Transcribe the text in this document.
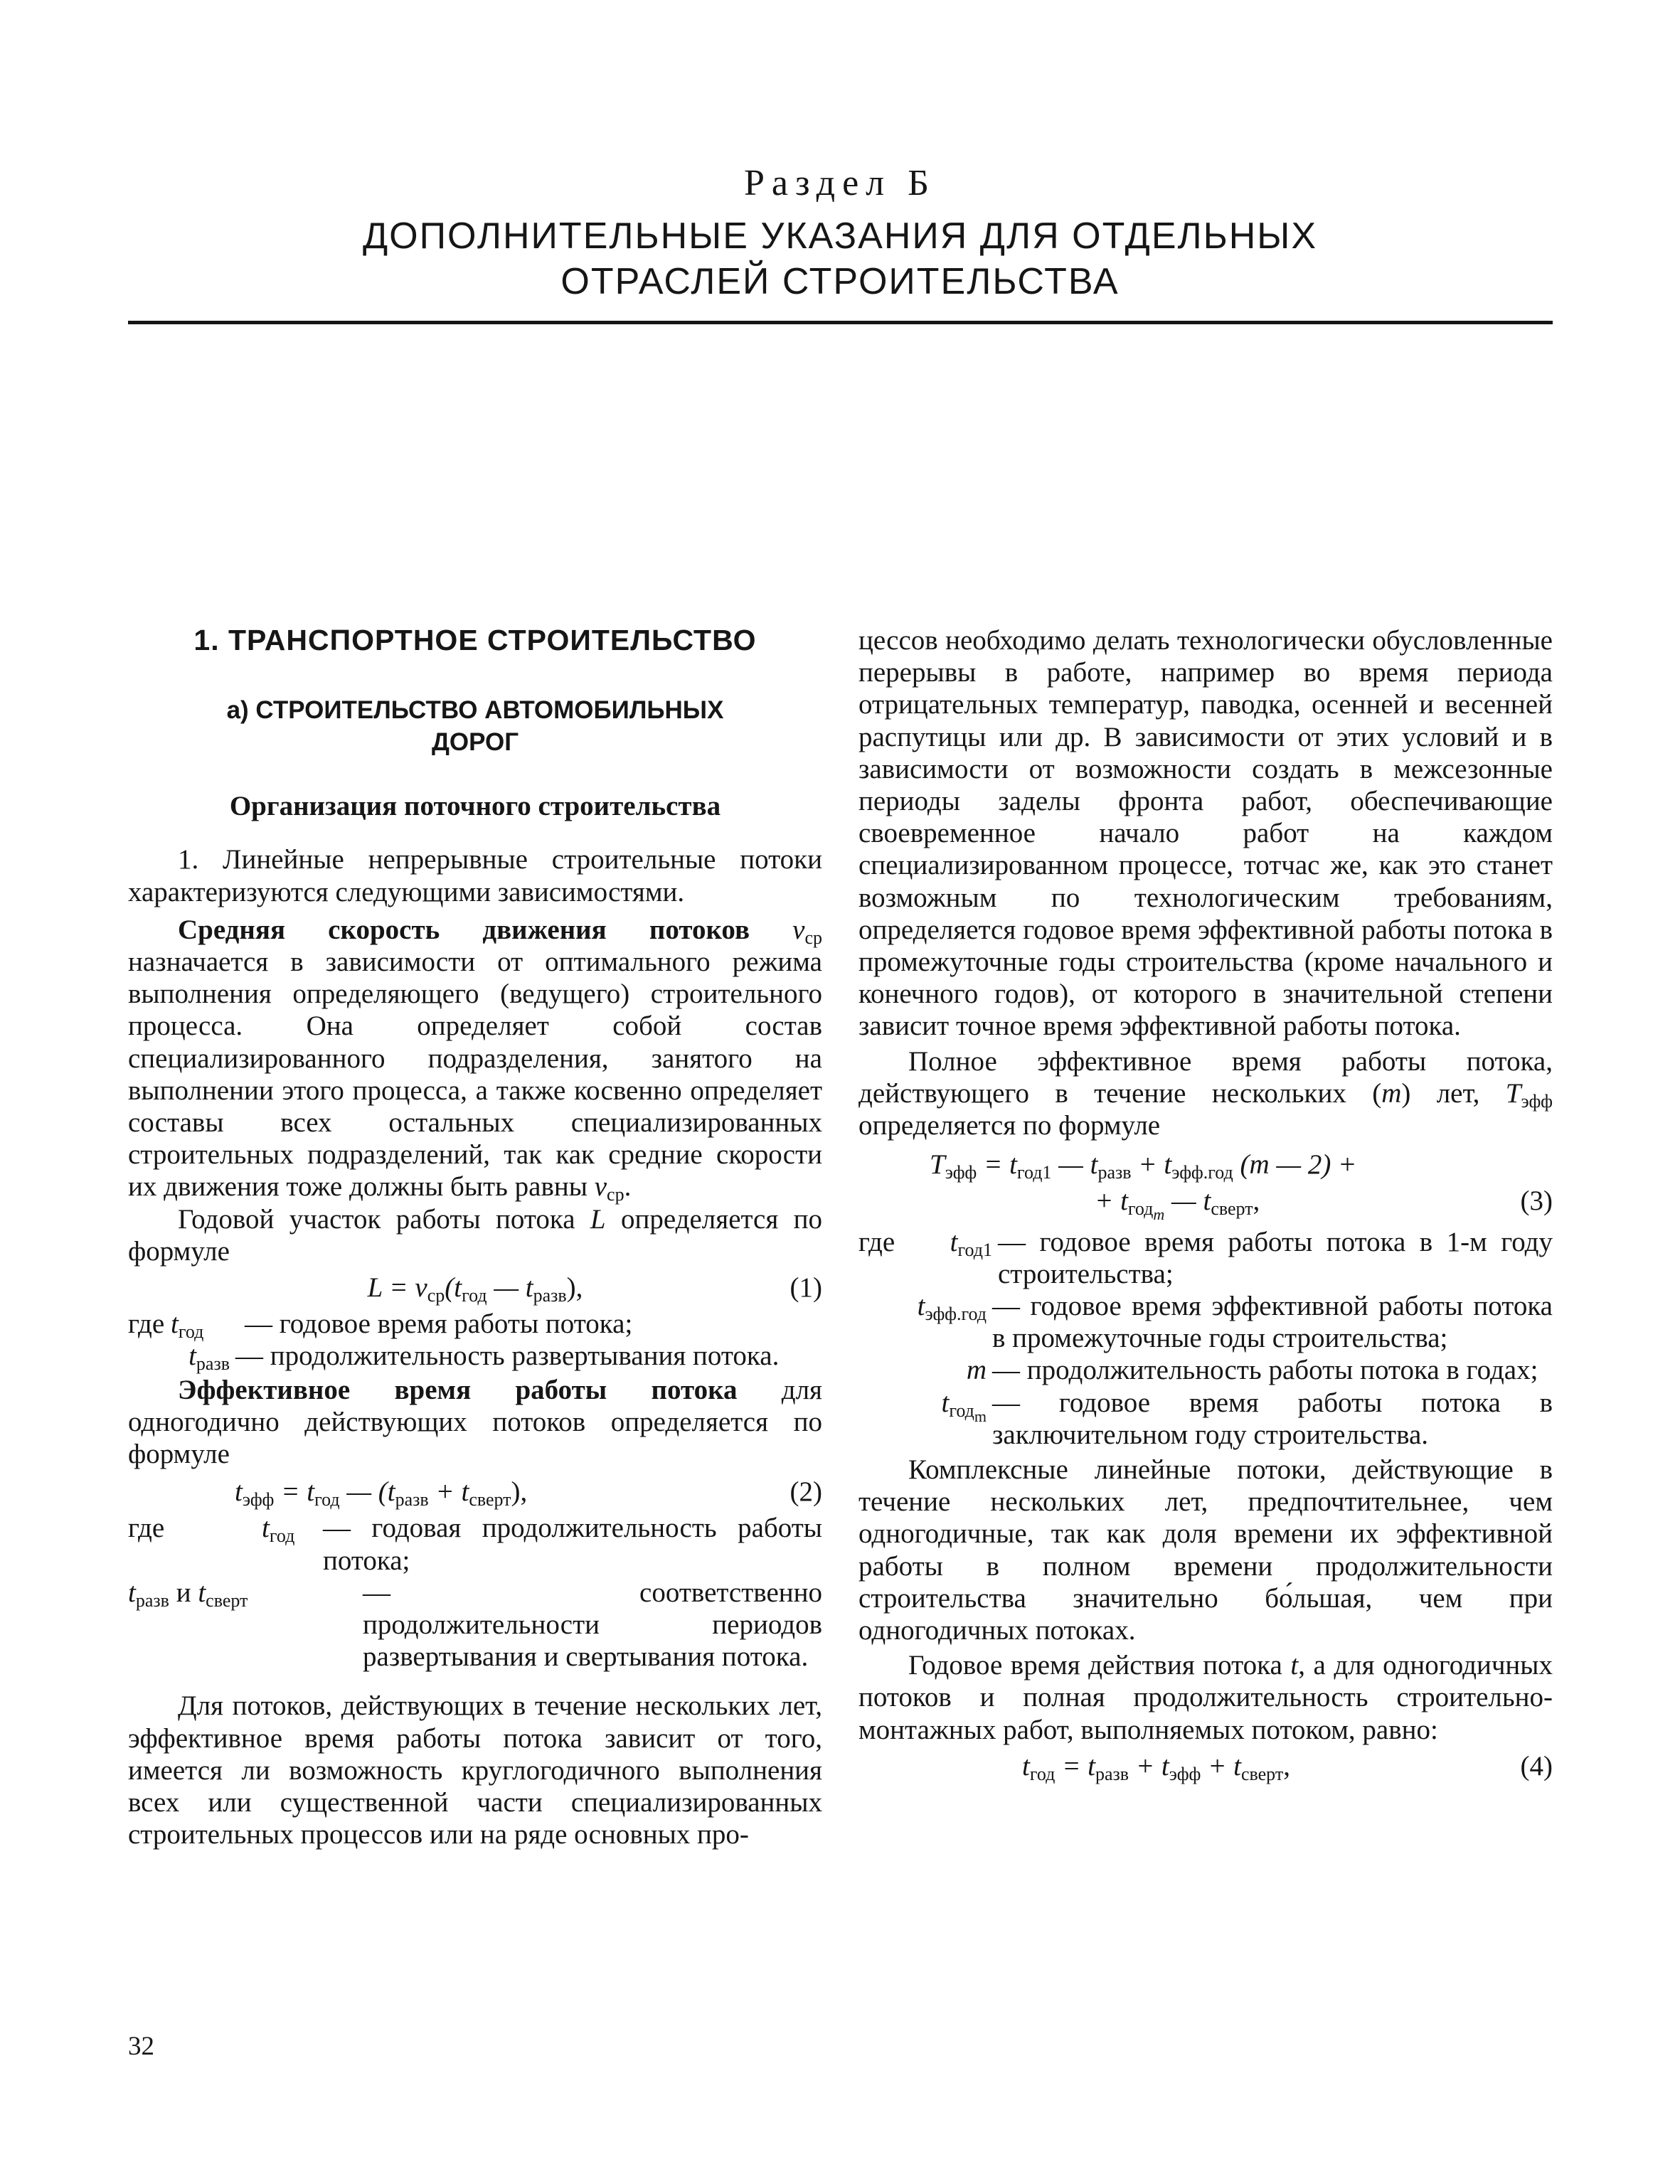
Раздел Б
ДОПОЛНИТЕЛЬНЫЕ УКАЗАНИЯ ДЛЯ ОТДЕЛЬНЫХ
ОТРАСЛЕЙ СТРОИТЕЛЬСТВА

1. ТРАНСПОРТНОЕ СТРОИТЕЛЬСТВО

а) СТРОИТЕЛЬСТВО АВТОМОБИЛЬНЫХ
ДОРОГ

Организация поточного строительства

1. Линейные непрерывные строительные потоки характеризуются следующими зависимостями.

Средняя скорость движения потоков $v_{ср}$ назначается в зависимости от оптимального режима выполнения определяющего (ведущего) строительного процесса. Она определяет собой состав специализированного подразделения, занятого на выполнении этого процесса, а также косвенно определяет составы всех остальных специализированных строительных подразделений, так как средние скорости их движения тоже должны быть равны $v_{ср}$.

Годовой участок работы потока L определяется по формуле

$L = v_{ср}(t_{год}$ — $t_{разв}$),	(1)
где $t_{год}$	— годовое время работы потока;
$t_{разв}$ — продолжительность развертывания потока.

Эффективное время работы потока для одногодично действующих потоков определяется по формуле

$t_{эфф} = t_{год}$ — $(t_{разв} + t_{сверт})$,	(2)
где	$t_{год}$	— годовая продолжительность работы потока;
$t_{разв}$ и $t_{сверт}$	— соответственно продолжительности периодов развертывания и свертывания потока.

Для потоков, действующих в течение нескольких лет, эффективное время работы потока зависит от того, имеется ли возможность круглогодичного выполнения всех или существенной части специализированных строительных процессов или на ряде основных про-

цессов необходимо делать технологически обусловленные перерывы в работе, например во время периода отрицательных температур, паводка, осенней и весенней распутицы или др. В зависимости от этих условий и в зависимости от возможности создать в межсезонные периоды заделы фронта работ, обеспечивающие своевременное начало работ на каждом специализированном процессе, тотчас же, как это станет возможным по технологическим требованиям, определяется годовое время эффективной работы потока в промежуточные годы строительства (кроме начального и конечного годов), от которого в значительной степени зависит точное время эффективной работы потока.

Полное эффективное время работы потока, действующего в течение нескольких (m) лет, $T_{эфф}$ определяется по формуле

$T_{эфф} = t_{год1}$ — $t_{разв} + t_{эфф.год}$ (m — 2) +
+ $t_{год_m}$ — $t_{сверт}$,	(3)
где	$t_{год1}$ — годовое время работы потока в 1-м году строительства;
$t_{эфф.год}$ — годовое время эффективной работы потока в промежуточные годы строительства;
m — продолжительность работы потока в годах;
$t_{год_m}$ — годовое время работы потока в заключительном году строительства.

Комплексные линейные потоки, действующие в течение нескольких лет, предпочтительнее, чем одногодичные, так как доля времени их эффективной работы в полном времени продолжительности строительства значительно бо́льшая, чем при одногодичных потоках.

Годовое время действия потока t, а для одногодичных потоков и полная продолжительность строительно-монтажных работ, выполняемых потоком, равно:

$t_{год} = t_{разв} + t_{эфф} + t_{сверт}$,	(4)
32
